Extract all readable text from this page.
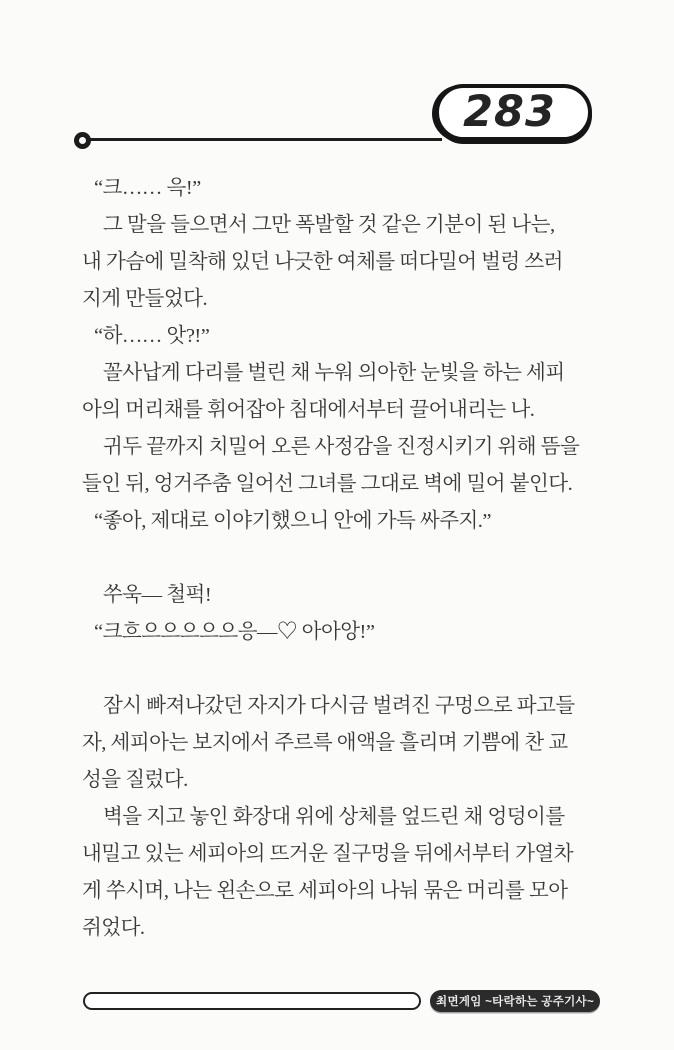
283
“크…… 윽!”
그 말을 들으면서 그만 폭발할 것 같은 기분이 된 나는,
내 가슴에 밀착해 있던 나긋한 여체를 떠다밀어 벌렁 쓰러
지게 만들었다.
“하…… 앗?!”
꼴사납게 다리를 벌린 채 누워 의아한 눈빛을 하는 세피
아의 머리채를 휘어잡아 침대에서부터 끌어내리는 나.
귀두 끝까지 치밀어 오른 사정감을 진정시키기 위해 뜸을
들인 뒤, 엉거주춤 일어선 그녀를 그대로 벽에 밀어 붙인다.
“좋아, 제대로 이야기했으니 안에 가득 싸주지.”
쑤욱— 철퍽!
“크흐으으으으으응—♡ 아아앙!”
잠시 빠져나갔던 자지가 다시금 벌려진 구멍으로 파고들
자, 세피아는 보지에서 주르륵 애액을 흘리며 기쁨에 찬 교
성을 질렀다.
벽을 지고 놓인 화장대 위에 상체를 엎드린 채 엉덩이를
내밀고 있는 세피아의 뜨거운 질구멍을 뒤에서부터 가열차
게 쑤시며, 나는 왼손으로 세피아의 나눠 묶은 머리를 모아
쥐었다.
최면게임 ~타락하는 공주기사~
